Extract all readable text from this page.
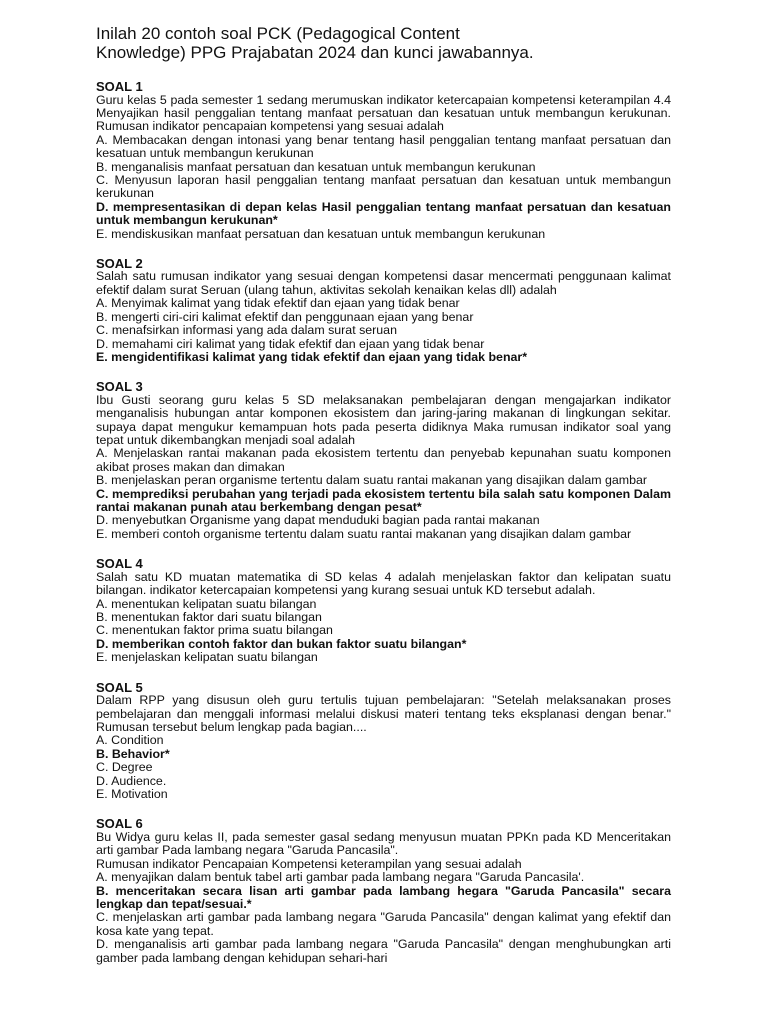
Inilah 20 contoh soal PCK (Pedagogical Content
Knowledge) PPG Prajabatan 2024 dan kunci jawabannya.
SOAL 1

Guru kelas 5 pada semester 1 sedang merumuskan indikator ketercapaian kompetensi keterampilan 4.4 Menyajikan hasil penggalian tentang manfaat persatuan dan kesatuan untuk membangun kerukunan. Rumusan indikator pencapaian kompetensi yang sesuai adalah

A. Membacakan dengan intonasi yang benar tentang hasil penggalian tentang manfaat persatuan dan kesatuan untuk membangun kerukunan
B. menganalisis manfaat persatuan dan kesatuan untuk membangun kerukunan
C. Menyusun laporan hasil penggalian tentang manfaat persatuan dan kesatuan untuk membangun kerukunan
D. mempresentasikan di depan kelas Hasil penggalian tentang manfaat persatuan dan kesatuan untuk membangun kerukunan*
E. mendiskusikan manfaat persatuan dan kesatuan untuk membangun kerukunan
SOAL 2

Salah satu rumusan indikator yang sesuai dengan kompetensi dasar mencermati penggunaan kalimat efektif dalam surat Seruan (ulang tahun, aktivitas sekolah kenaikan kelas dll) adalah

A. Menyimak kalimat yang tidak efektif dan ejaan yang tidak benar
B. mengerti ciri-ciri kalimat efektif dan penggunaan ejaan yang benar
C. menafsirkan informasi yang ada dalam surat seruan
D. memahami ciri kalimat yang tidak efektif dan ejaan yang tidak benar
E. mengidentifikasi kalimat yang tidak efektif dan ejaan yang tidak benar*
SOAL 3

Ibu Gusti seorang guru kelas 5 SD melaksanakan pembelajaran dengan mengajarkan indikator menganalisis hubungan antar komponen ekosistem dan jaring-jaring makanan di lingkungan sekitar. supaya dapat mengukur kemampuan hots pada peserta didiknya Maka rumusan indikator soal yang tepat untuk dikembangkan menjadi soal adalah

A. Menjelaskan rantai makanan pada ekosistem tertentu dan penyebab kepunahan suatu komponen akibat proses makan dan dimakan
B. menjelaskan peran organisme tertentu dalam suatu rantai makanan yang disajikan dalam gambar
C. memprediksi perubahan yang terjadi pada ekosistem tertentu bila salah satu komponen Dalam rantai makanan punah atau berkembang dengan pesat*
D. menyebutkan Organisme yang dapat menduduki bagian pada rantai makanan
E. memberi contoh organisme tertentu dalam suatu rantai makanan yang disajikan dalam gambar
SOAL 4

Salah satu KD muatan matematika di SD kelas 4 adalah menjelaskan faktor dan kelipatan suatu bilangan. indikator ketercapaian kompetensi yang kurang sesuai untuk KD tersebut adalah.

A. menentukan kelipatan suatu bilangan
B. menentukan faktor dari suatu bilangan
C. menentukan faktor prima suatu bilangan
D. memberikan contoh faktor dan bukan faktor suatu bilangan*
E. menjelaskan kelipatan suatu bilangan
SOAL 5

Dalam RPP yang disusun oleh guru tertulis tujuan pembelajaran: "Setelah melaksanakan proses pembelajaran dan menggali informasi melalui diskusi materi tentang teks eksplanasi dengan benar." Rumusan tersebut belum lengkap pada bagian....

A. Condition
B. Behavior*
C. Degree
D. Audience.
E. Motivation
SOAL 6

Bu Widya guru kelas II, pada semester gasal sedang menyusun muatan PPKn pada KD Menceritakan arti gambar Pada lambang negara "Garuda Pancasila".

Rumusan indikator Pencapaian Kompetensi keterampilan yang sesuai adalah

A. menyajikan dalam bentuk tabel arti gambar pada lambang negara "Garuda Pancasila'.
B. menceritakan secara lisan arti gambar pada lambang hegara "Garuda Pancasila" secara lengkap dan tepat/sesuai.*
C. menjelaskan arti gambar pada lambang negara "Garuda Pancasila" dengan kalimat yang efektif dan kosa kate yang tepat.
D. menganalisis arti gambar pada lambang negara "Garuda Pancasila" dengan menghubungkan arti gamber pada lambang dengan kehidupan sehari-hari
